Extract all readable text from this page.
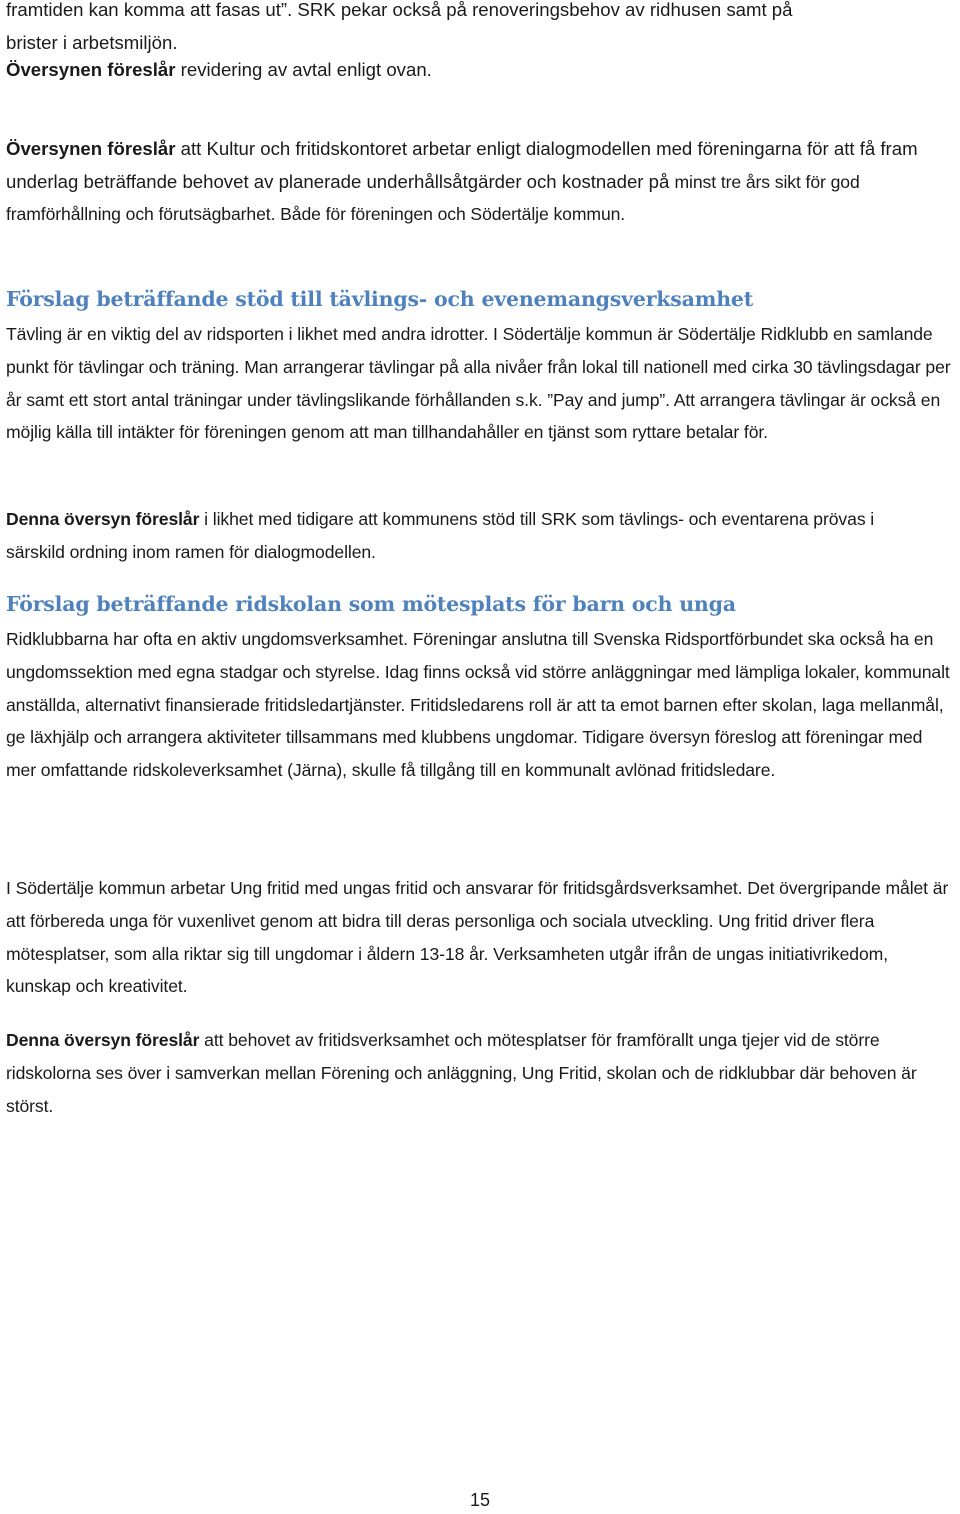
framtiden kan komma att fasas ut”. SRK pekar också på renoveringsbehov av ridhusen samt på

brister i arbetsmiljön.

Översynen föreslår revidering av avtal enligt ovan.

Översynen föreslår att Kultur och fritidskontoret arbetar enligt dialogmodellen med föreningarna för att få fram underlag beträffande behovet av planerade underhållsåtgärder och kostnader på minst tre års sikt för god framförhållning och förutsägbarhet. Både för föreningen och Södertälje kommun.

Förslag beträffande stöd till tävlings- och evenemangsverksamhet

Tävling är en viktig del av ridsporten i likhet med andra idrotter. I Södertälje kommun är Södertälje Ridklubb en samlande punkt för tävlingar och träning. Man arrangerar tävlingar på alla nivåer från lokal till nationell med cirka 30 tävlingsdagar per år samt ett stort antal träningar under tävlingslikande förhållanden s.k. ”Pay and jump”. Att arrangera tävlingar är också en möjlig källa till intäkter för föreningen genom att man tillhandahåller en tjänst som ryttare betalar för.

Denna översyn föreslår i likhet med tidigare att kommunens stöd till SRK som tävlings- och eventarena prövas i särskild ordning inom ramen för dialogmodellen.

Förslag beträffande ridskolan som mötesplats för barn och unga

Ridklubbarna har ofta en aktiv ungdomsverksamhet. Föreningar anslutna till Svenska Ridsportförbundet ska också ha en ungdomssektion med egna stadgar och styrelse. Idag finns också vid större anläggningar med lämpliga lokaler, kommunalt anställda, alternativt finansierade fritidsledartjänster. Fritidsledarens roll är att ta emot barnen efter skolan, laga mellanmål, ge läxhjälp och arrangera aktiviteter tillsammans med klubbens ungdomar. Tidigare översyn föreslog att föreningar med mer omfattande ridskoleverksamhet (Järna), skulle få tillgång till en kommunalt avlönad fritidsledare.

I Södertälje kommun arbetar Ung fritid med ungas fritid och ansvarar för fritidsgårdsverksamhet. Det övergripande målet är att förbereda unga för vuxenlivet genom att bidra till deras personliga och sociala utveckling. Ung fritid driver flera mötesplatser, som alla riktar sig till ungdomar i åldern 13-18 år. Verksamheten utgår ifrån de ungas initiativrikedom, kunskap och kreativitet.

Denna översyn föreslår att behovet av fritidsverksamhet och mötesplatser för framförallt unga tjejer vid de större ridskolorna ses över i samverkan mellan Förening och anläggning, Ung Fritid, skolan och de ridklubbar där behoven är störst.

15
